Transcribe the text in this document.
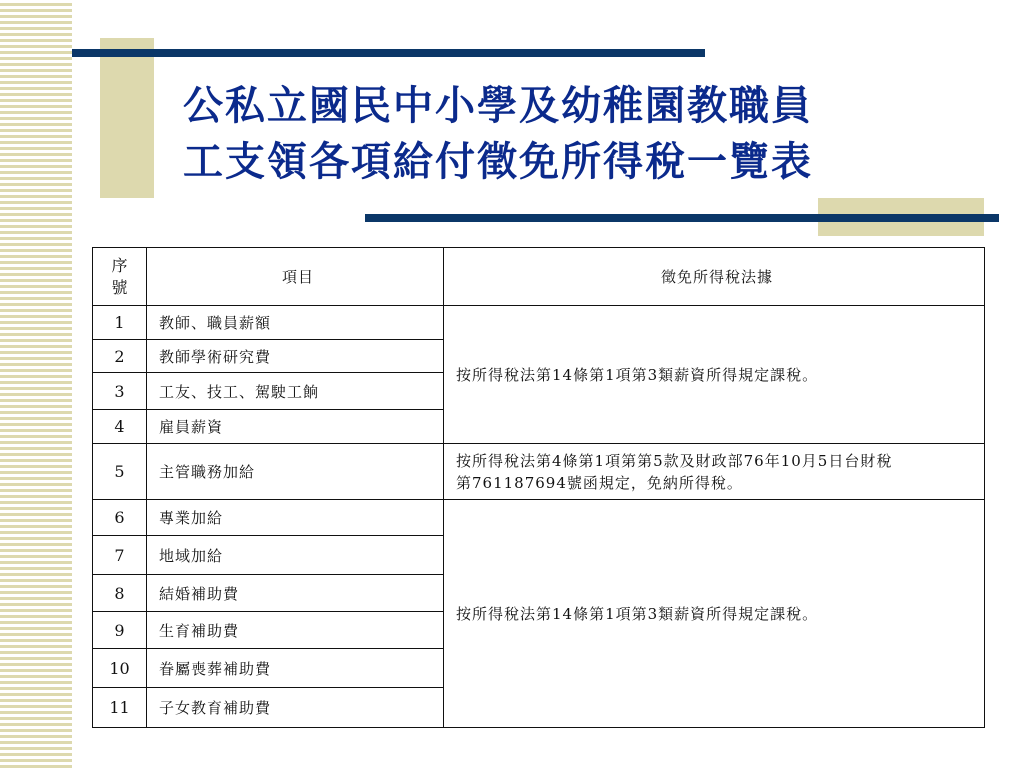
公私立國民中小學及幼稚園教職員
工支領各項給付徵免所得稅一覽表
序號	項目	徵免所得稅法據
1	教師、職員薪額	按所得稅法第14條第1項第3類薪資所得規定課稅。
2	教師學術研究費	
3	工友、技工、駕駛工餉	
4	雇員薪資	
5	主管職務加給	按所得稅法第4條第1項第第5款及財政部76年10月5日台財稅
第761187694號函規定，免納所得稅。

6	專業加給	按所得稅法第14條第1項第3類薪資所得規定課稅。
7	地域加給	
8	結婚補助費	
9	生育補助費	
10	眷屬喪葬補助費	
11	子女教育補助費	
